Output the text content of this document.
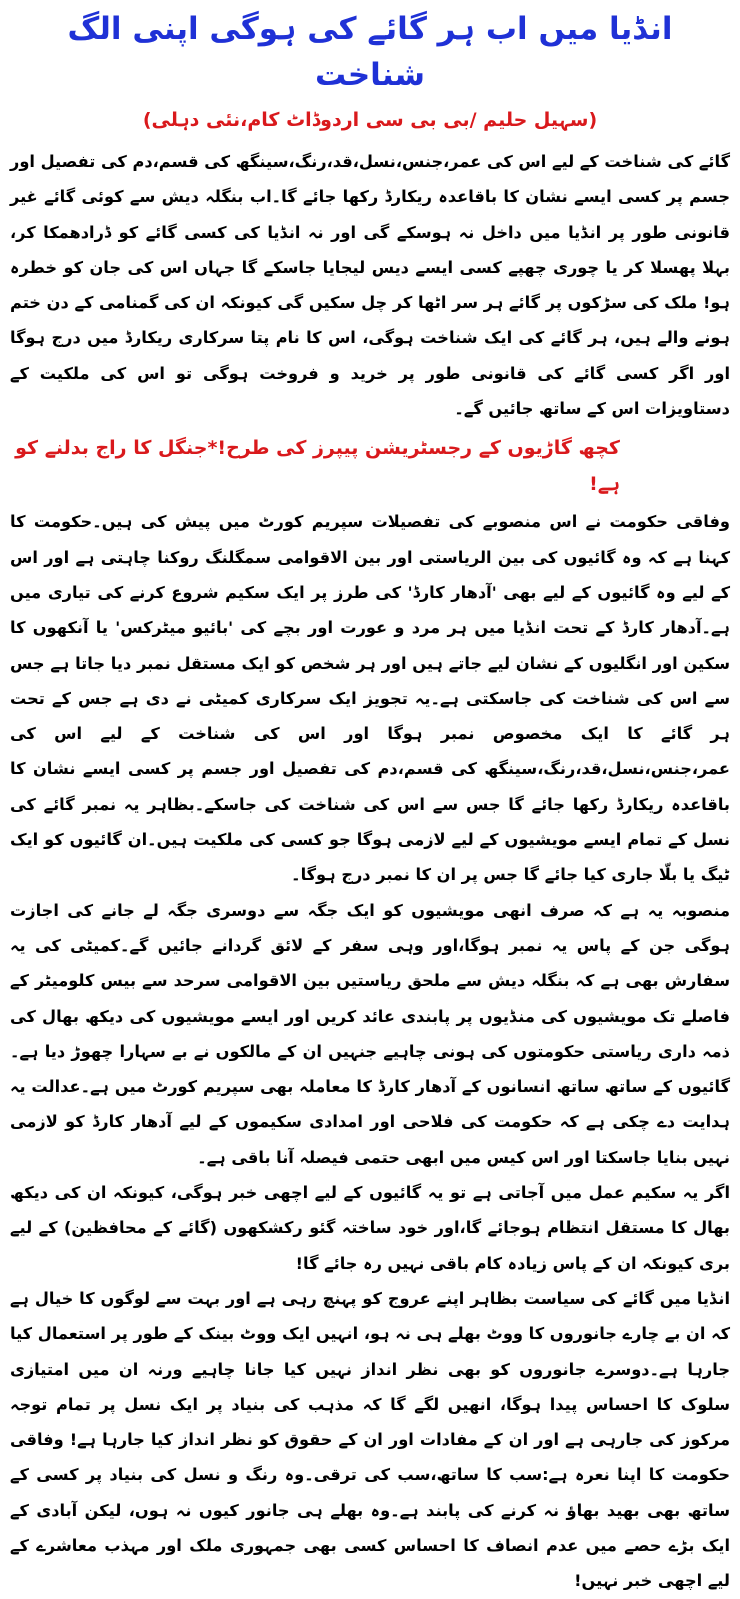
انڈیا میں اب ہر گائے کی ہوگی اپنی الگ شناخت
(سہیل حلیم /بی بی سی اردوڈاٹ کام،نئی دہلی)

گائے کی شناخت کے لیے اس کی عمر،جنس،نسل،قد،رنگ،سینگھ کی قسم،دم کی تفصیل اور جسم پر کسی ایسے نشان کا باقاعدہ ریکارڈ رکھا جائے گا۔اب بنگلہ دیش سے کوئی گائے غیر قانونی طور پر انڈیا میں داخل نہ ہوسکے گی اور نہ انڈیا کی کسی گائے کو ڈرادھمکا کر، بہلا پھسلا کر یا چوری چھپے کسی ایسے دیس لیجایا جاسکے گا جہاں اس کی جان کو خطرہ ہو! ملک کی سڑکوں پر گائے ہر سر اٹھا کر چل سکیں گی کیونکہ ان کی گمنامی کے دن ختم ہونے والے ہیں، ہر گائے کی ایک شناخت ہوگی، اس کا نام پتا سرکاری ریکارڈ میں درج ہوگا اور اگر کسی گائے کی قانونی طور پر خرید و فروخت ہوگی تو اس کی ملکیت کے دستاویزات اس کے ساتھ جائیں گے۔

کچھ گاڑیوں کے رجسٹریشن پیپرز کی طرح!*جنگل کا راج بدلنے کو ہے!

وفاقی حکومت نے اس منصوبے کی تفصیلات سپریم کورٹ میں پیش کی ہیں۔حکومت کا کہنا ہے کہ وہ گائیوں کی بین الریاستی اور بین الاقوامی سمگلنگ روکنا چاہتی ہے اور اس کے لیے وہ گائیوں کے لیے بھی 'آدھار کارڈ' کی طرز پر ایک سکیم شروع کرنے کی تیاری میں ہے۔آدھار کارڈ کے تحت انڈیا میں ہر مرد و عورت اور بچے کی 'بائیو میٹرکس' یا آنکھوں کا سکین اور انگلیوں کے نشان لیے جاتے ہیں اور ہر شخص کو ایک مستقل نمبر دیا جاتا ہے جس سے اس کی شناخت کی جاسکتی ہے۔یہ تجویز ایک سرکاری کمیٹی نے دی ہے جس کے تحت ہر گائے کا ایک مخصوص نمبر ہوگا اور اس کی شناخت کے لیے اس کی عمر،جنس،نسل،قد،رنگ،سینگھ کی قسم،دم کی تفصیل اور جسم پر کسی ایسے نشان کا باقاعدہ ریکارڈ رکھا جائے گا جس سے اس کی شناخت کی جاسکے۔بظاہر یہ نمبر گائے کی نسل کے تمام ایسے مویشیوں کے لیے لازمی ہوگا جو کسی کی ملکیت ہیں۔ان گائیوں کو ایک ٹیگ یا بلّا جاری کیا جائے گا جس پر ان کا نمبر درج ہوگا۔

منصوبہ یہ ہے کہ صرف انھی مویشیوں کو ایک جگہ سے دوسری جگہ لے جانے کی اجازت ہوگی جن کے پاس یہ نمبر ہوگا،اور وہی سفر کے لائق گردانے جائیں گے۔کمیٹی کی یہ سفارش بھی ہے کہ بنگلہ دیش سے ملحق ریاستیں بین الاقوامی سرحد سے بیس کلومیٹر کے فاصلے تک مویشیوں کی منڈیوں پر پابندی عائد کریں اور ایسے مویشیوں کی دیکھ بھال کی ذمہ داری ریاستی حکومتوں کی ہونی چاہیے جنہیں ان کے مالکوں نے بے سہارا چھوڑ دیا ہے۔گائیوں کے ساتھ ساتھ انسانوں کے آدھار کارڈ کا معاملہ بھی سپریم کورٹ میں ہے۔عدالت یہ ہدایت دے چکی ہے کہ حکومت کی فلاحی اور امدادی سکیموں کے لیے آدھار کارڈ کو لازمی نہیں بنایا جاسکتا اور اس کیس میں ابھی حتمی فیصلہ آنا باقی ہے۔

اگر یہ سکیم عمل میں آجاتی ہے تو یہ گائیوں کے لیے اچھی خبر ہوگی، کیونکہ ان کی دیکھ بھال کا مستقل انتظام ہوجائے گا،اور خود ساختہ گئو رکشکھوں (گائے کے محافظین) کے لیے بری کیونکہ ان کے پاس زیادہ کام باقی نہیں رہ جائے گا!

انڈیا میں گائے کی سیاست بظاہر اپنے عروج کو پہنچ رہی ہے اور بہت سے لوگوں کا خیال ہے کہ ان بے چارے جانوروں کا ووٹ بھلے ہی نہ ہو، انہیں ایک ووٹ بینک کے طور پر استعمال کیا جارہا ہے۔دوسرے جانوروں کو بھی نظر انداز نہیں کیا جانا چاہیے ورنہ ان میں امتیازی سلوک کا احساس پیدا ہوگا، انھیں لگے گا کہ مذہب کی بنیاد پر ایک نسل پر تمام توجہ مرکوز کی جارہی ہے اور ان کے مفادات اور ان کے حقوق کو نظر انداز کیا جارہا ہے! وفاقی حکومت کا اپنا نعرہ ہے:سب کا ساتھ،سب کی ترقی۔وہ رنگ و نسل کی بنیاد پر کسی کے ساتھ بھی بھید بھاؤ نہ کرنے کی پابند ہے۔وہ بھلے ہی جانور کیوں نہ ہوں، لیکن آبادی کے ایک بڑے حصے میں عدم انصاف کا احساس کسی بھی جمہوری ملک اور مہذب معاشرے کے لیے اچھی خبر نہیں!
